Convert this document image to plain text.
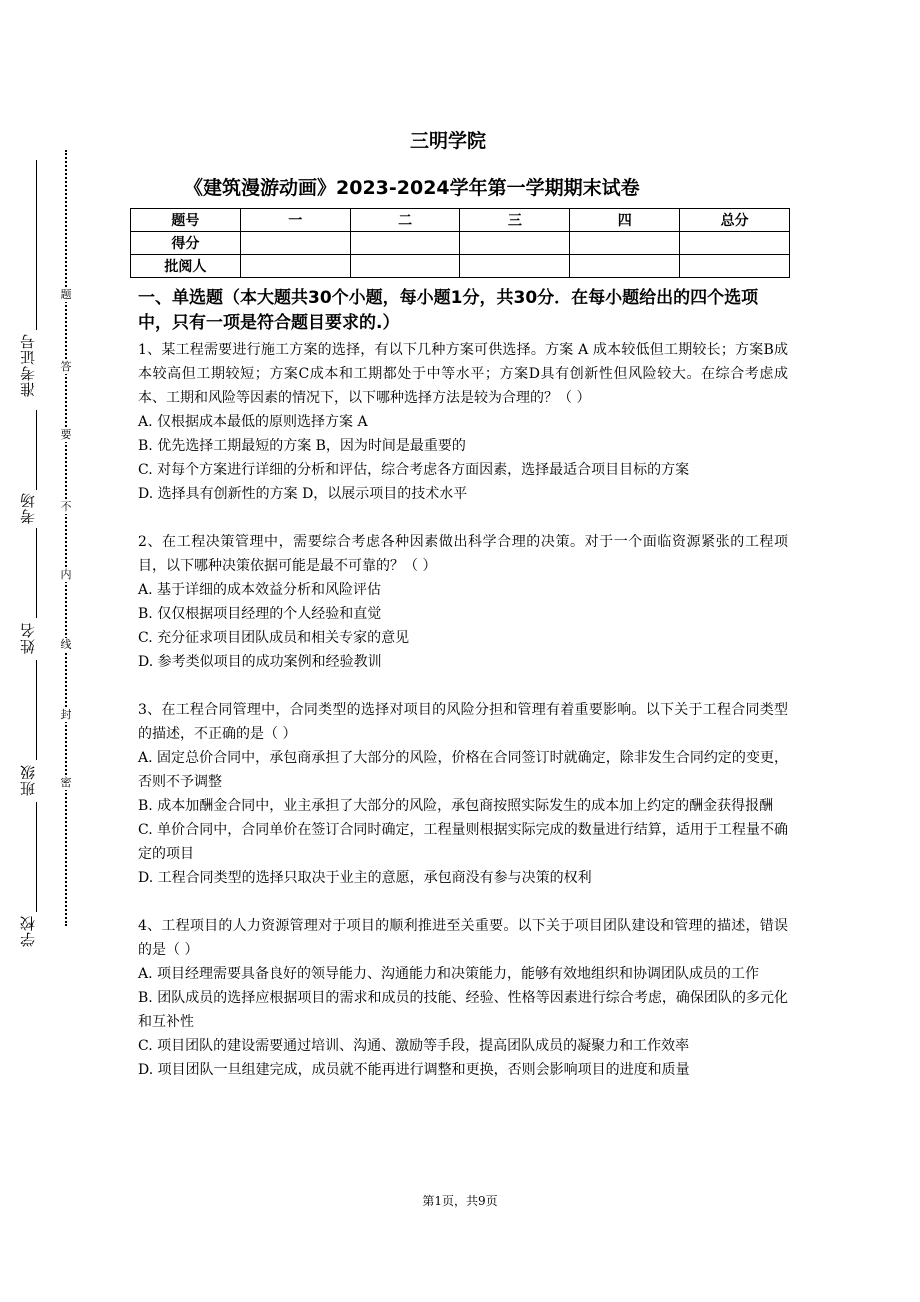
准考证号
考场
姓名
班级
学校
题
答
要
不
内
线
封
密
三明学院
《建筑漫游动画》2023-2024学年第一学期期末试卷
题号	一	二	三	四	总分
得分					
批阅人					

一、单选题（本大题共30个小题，每小题1分，共30分．在每小题给出的四个选项中，只有一项是符合题目要求的.）

1、某工程需要进行施工方案的选择，有以下几种方案可供选择。方案 A 成本较低但工期较长；方案B成本较高但工期较短；方案C成本和工期都处于中等水平；方案D具有创新性但风险较大。在综合考虑成本、工期和风险等因素的情况下，以下哪种选择方法是较为合理的？（ ）

A. 仅根据成本最低的原则选择方案 A

B. 优先选择工期最短的方案 B，因为时间是最重要的

C. 对每个方案进行详细的分析和评估，综合考虑各方面因素，选择最适合项目目标的方案

D. 选择具有创新性的方案 D，以展示项目的技术水平

2、在工程决策管理中，需要综合考虑各种因素做出科学合理的决策。对于一个面临资源紧张的工程项目，以下哪种决策依据可能是最不可靠的？（ ）

A. 基于详细的成本效益分析和风险评估

B. 仅仅根据项目经理的个人经验和直觉

C. 充分征求项目团队成员和相关专家的意见

D. 参考类似项目的成功案例和经验教训

3、在工程合同管理中，合同类型的选择对项目的风险分担和管理有着重要影响。以下关于工程合同类型的描述，不正确的是（ ）

A. 固定总价合同中，承包商承担了大部分的风险，价格在合同签订时就确定，除非发生合同约定的变更，否则不予调整

B. 成本加酬金合同中，业主承担了大部分的风险，承包商按照实际发生的成本加上约定的酬金获得报酬

C. 单价合同中，合同单价在签订合同时确定，工程量则根据实际完成的数量进行结算，适用于工程量不确定的项目

D. 工程合同类型的选择只取决于业主的意愿，承包商没有参与决策的权利

4、工程项目的人力资源管理对于项目的顺利推进至关重要。以下关于项目团队建设和管理的描述，错误的是（ ）

A. 项目经理需要具备良好的领导能力、沟通能力和决策能力，能够有效地组织和协调团队成员的工作

B. 团队成员的选择应根据项目的需求和成员的技能、经验、性格等因素进行综合考虑，确保团队的多元化和互补性

C. 项目团队的建设需要通过培训、沟通、激励等手段，提高团队成员的凝聚力和工作效率

D. 项目团队一旦组建完成，成员就不能再进行调整和更换，否则会影响项目的进度和质量

第1页，共9页
